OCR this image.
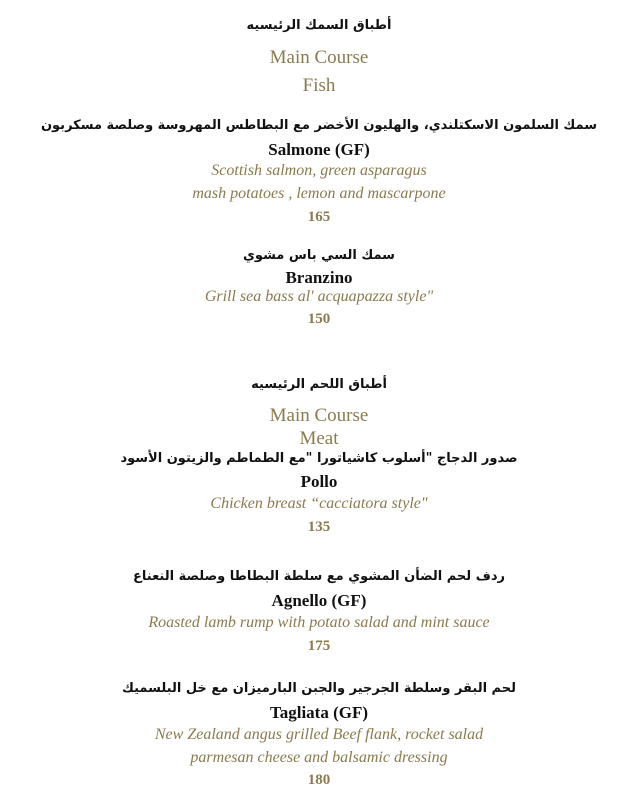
أطباق السمك الرئيسيه
Main Course
Fish
سمك السلمون الاسكتلندي، والهليون الأخضر مع البطاطس المهروسة وصلصة مسكربون
Salmone (GF)
Scottish salmon, green asparagus
mash potatoes , lemon and mascarpone
165
سمك السي باس مشوي
Branzino
Grill sea bass al' acquapazza style"
150
أطباق اللحم الرئيسيه
Main Course
Meat
صدور الدجاج "أسلوب كاشياتورا "مع الطماطم والزيتون الأسود
Pollo
Chicken breast “cacciatora style"
135
ردف لحم الضأن المشوي مع سلطة البطاطا وصلصة النعناع
Agnello (GF)
Roasted lamb rump with potato salad and mint sauce
175
لحم البقر وسلطة الجرجير والجبن البارميزان مع خل البلسميك
Tagliata (GF)
New Zealand angus grilled Beef flank, rocket salad
parmesan cheese and balsamic dressing
180
